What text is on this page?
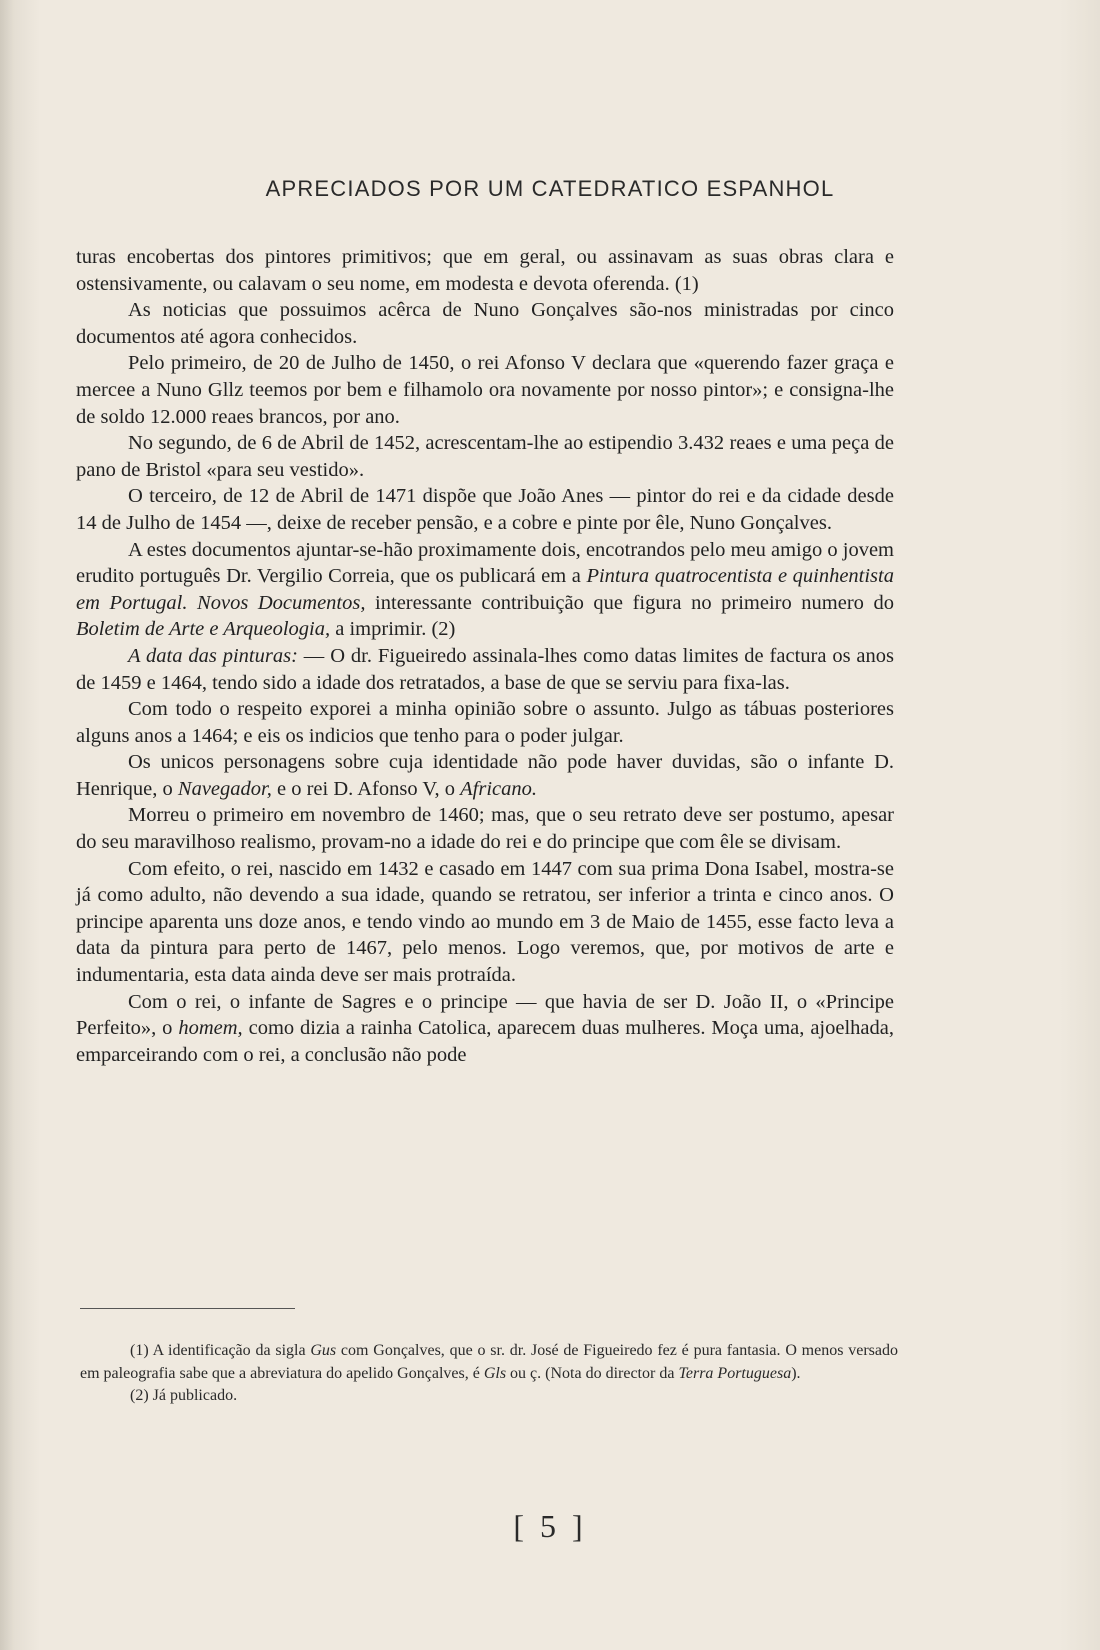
APRECIADOS POR UM CATEDRATICO ESPANHOL

turas encobertas dos pintores primitivos; que em geral, ou assinavam as suas obras clara e ostensivamente, ou calavam o seu nome, em modesta e devota oferenda. (1)

As noticias que possuimos acêrca de Nuno Gonçalves são-nos ministradas por cinco documentos até agora conhecidos.

Pelo primeiro, de 20 de Julho de 1450, o rei Afonso V declara que «querendo fazer graça e mercee a Nuno Gllz teemos por bem e filhamolo ora novamente por nosso pintor»; e consigna-lhe de soldo 12.000 reaes brancos, por ano.

No segundo, de 6 de Abril de 1452, acrescentam-lhe ao estipendio 3.432 reaes e uma peça de pano de Bristol «para seu vestido».

O terceiro, de 12 de Abril de 1471 dispõe que João Anes — pintor do rei e da cidade desde 14 de Julho de 1454 —, deixe de receber pensão, e a cobre e pinte por êle, Nuno Gonçalves.

A estes documentos ajuntar-se-hão proximamente dois, encotrandos pelo meu amigo o jovem erudito português Dr. Vergilio Correia, que os publicará em a Pintura quatrocentista e quinhentista em Portugal. Novos Documentos, interessante contribuição que figura no primeiro numero do Boletim de Arte e Arqueologia, a imprimir. (2)

A data das pinturas: — O dr. Figueiredo assinala-lhes como datas limites de factura os anos de 1459 e 1464, tendo sido a idade dos retratados, a base de que se serviu para fixa-las.

Com todo o respeito exporei a minha opinião sobre o assunto. Julgo as tábuas posteriores alguns anos a 1464; e eis os indicios que tenho para o poder julgar.

Os unicos personagens sobre cuja identidade não pode haver duvidas, são o infante D. Henrique, o Navegador, e o rei D. Afonso V, o Africano.

Morreu o primeiro em novembro de 1460; mas, que o seu retrato deve ser postumo, apesar do seu maravilhoso realismo, provam-no a idade do rei e do principe que com êle se divisam.

Com efeito, o rei, nascido em 1432 e casado em 1447 com sua prima Dona Isabel, mostra-se já como adulto, não devendo a sua idade, quando se retratou, ser inferior a trinta e cinco anos. O principe aparenta uns doze anos, e tendo vindo ao mundo em 3 de Maio de 1455, esse facto leva a data da pintura para perto de 1467, pelo menos. Logo veremos, que, por motivos de arte e indumentaria, esta data ainda deve ser mais protraída.

Com o rei, o infante de Sagres e o principe — que havia de ser D. João II, o «Principe Perfeito», o homem, como dizia a rainha Catolica, aparecem duas mulheres. Moça uma, ajoelhada, emparceirando com o rei, a conclusão não pode

(1) A identificação da sigla Gus com Gonçalves, que o sr. dr. José de Figueiredo fez é pura fantasia. O menos versado em paleografia sabe que a abreviatura do apelido Gonçalves, é Gls ou ç. (Nota do director da Terra Portuguesa).

(2) Já publicado.

[ 5 ]
